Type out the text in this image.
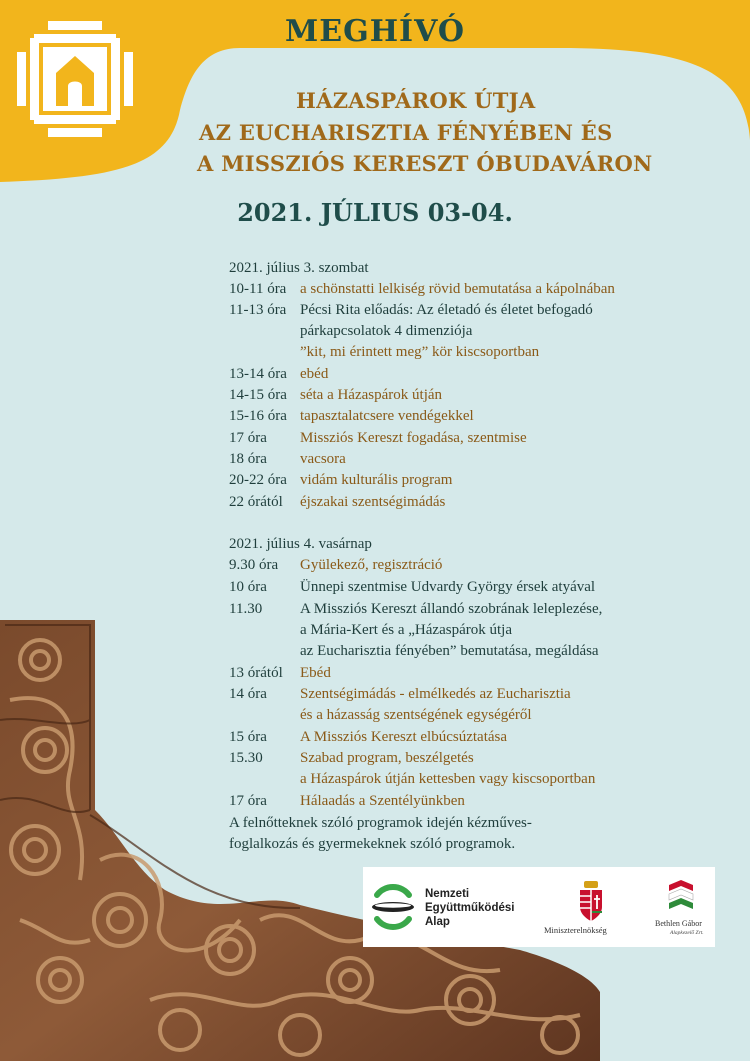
MEGHÍVÓ
HÁZASPÁROK ÚTJA
AZ EUCHARISZTIA FÉNYÉBEN ÉS
A MISSZIÓS KERESZT ÓBUDAVÁRON
2021. JÚLIUS 03-04.
2021. július 3. szombat
10-11 óra a schönstatti lelkiség rövid bemutatása a kápolnában
11-13 óra Pécsi Rita előadás: Az életadó és életet befogadó
párkapcsolatok 4 dimenziója
”kit, mi érintett meg” kör kiscsoportban
13-14 óra ebéd
14-15 óra séta a Házaspárok útján
15-16 óra tapasztalatcsere vendégekkel
17 óra Missziós Kereszt fogadása, szentmise
18 óra vacsora
20-22 óra vidám kulturális program
22 órától éjszakai szentségimádás
2021. július 4. vasárnap
9.30 óra Gyülekező, regisztráció
10 óra Ünnepi szentmise Udvardy György érsek atyával
11.30	A Missziós Kereszt állandó szobrának leleplezése,
a Mária-Kert és a „Házaspárok útja
az Eucharisztia fényében” bemutatása, megáldása
13 órától Ebéd
14 óra Szentségimádás - elmélkedés az Eucharisztia
és a házasság szentségének egységéről
15 óra A Missziós Kereszt elbúcsúztatása
15.30 Szabad program, beszélgetés
a Házaspárok útján kettesben vagy kiscsoportban
17 óra Hálaadás a Szentélyünkben
A felnőtteknek szóló programok idején kézműves-
foglalkozás és gyermekeknek szóló programok.
Nemzeti
Együttműködési
Alap
Miniszterelnökség
Bethlen Gábor
Alapkezelő Zrt.
